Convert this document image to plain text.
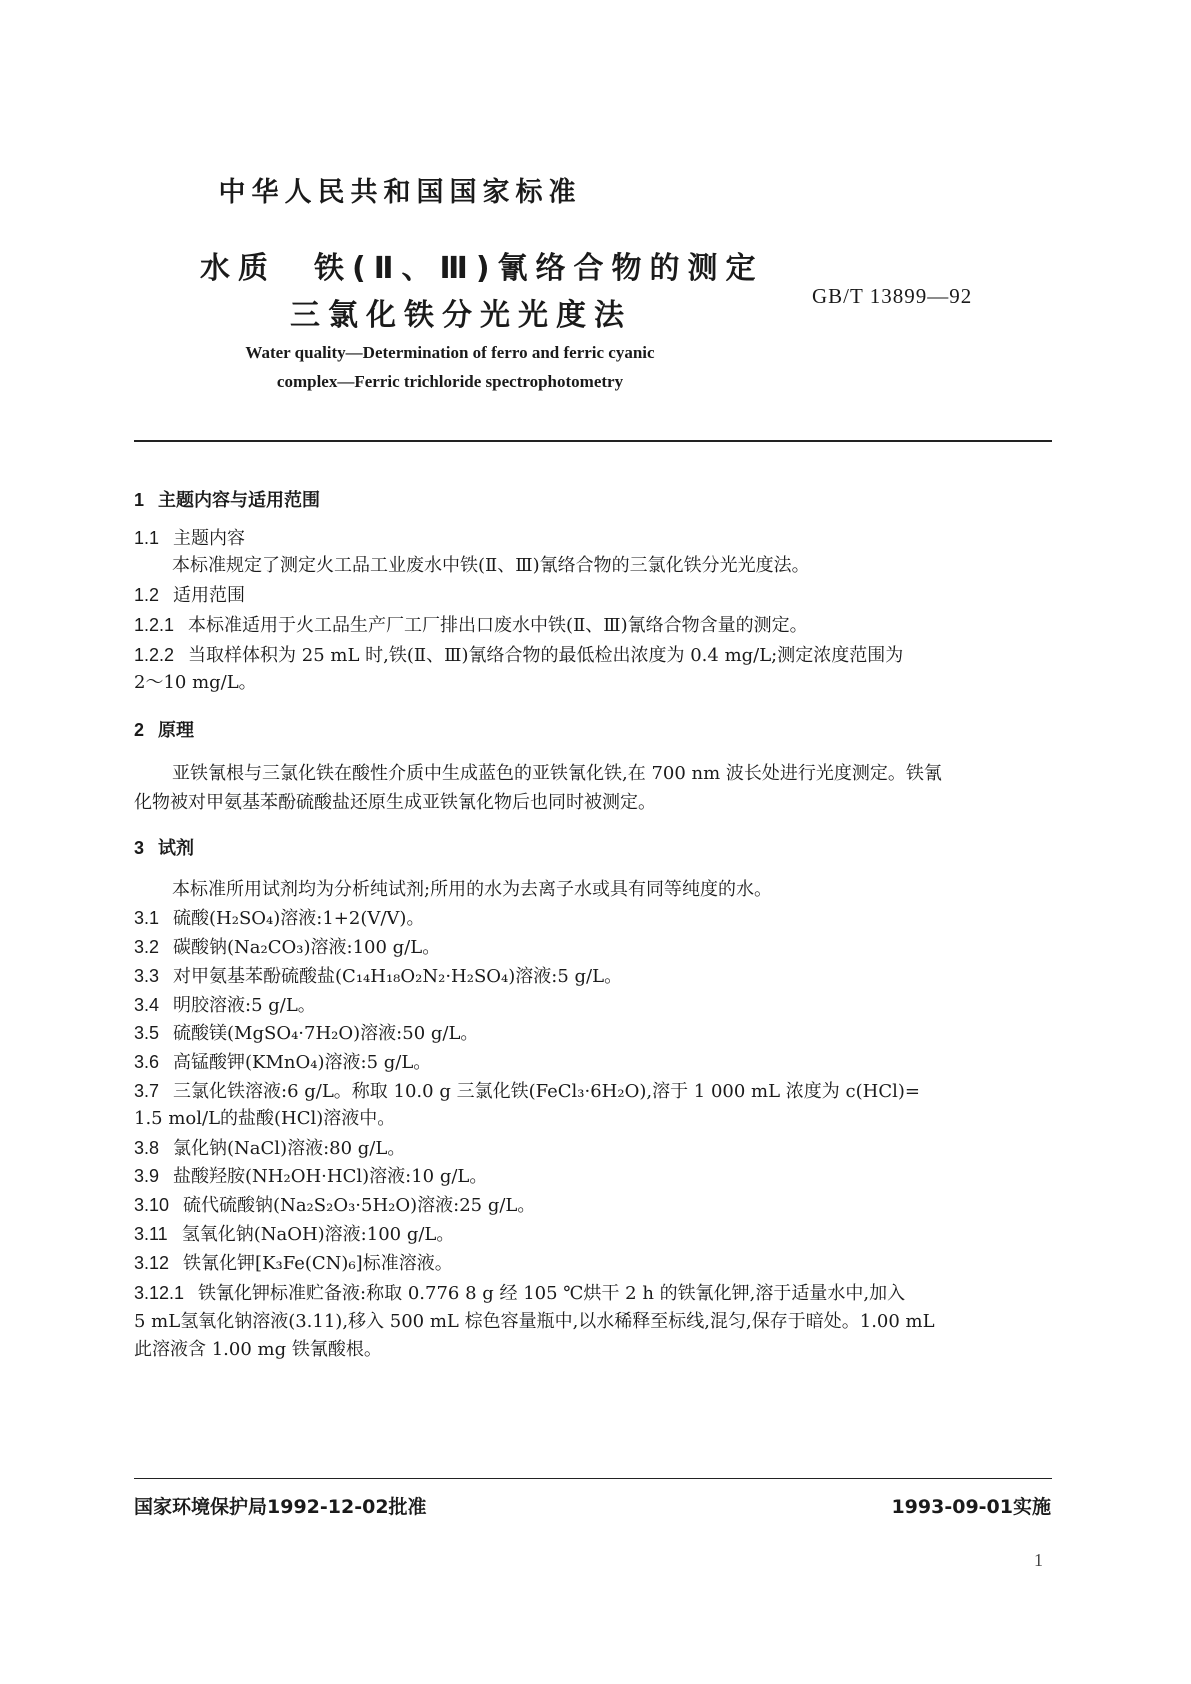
中华人民共和国国家标准
水质　铁(Ⅱ、Ⅲ)氰络合物的测定
三氯化铁分光光度法
GB/T 13899—92
Water quality—Determination of ferro and ferric cyanic
complex—Ferric trichloride spectrophotometry
1 主题内容与适用范围
1.1 主题内容
本标准规定了测定火工品工业废水中铁(Ⅱ、Ⅲ)氰络合物的三氯化铁分光光度法。
1.2 适用范围
1.2.1 本标准适用于火工品生产厂工厂排出口废水中铁(Ⅱ、Ⅲ)氰络合物含量的测定。
1.2.2 当取样体积为 25 mL 时,铁(Ⅱ、Ⅲ)氰络合物的最低检出浓度为 0.4 mg/L;测定浓度范围为
2～10 mg/L。
2 原理
亚铁氰根与三氯化铁在酸性介质中生成蓝色的亚铁氰化铁,在 700 nm 波长处进行光度测定。铁氰
化物被对甲氨基苯酚硫酸盐还原生成亚铁氰化物后也同时被测定。
3 试剂
本标准所用试剂均为分析纯试剂;所用的水为去离子水或具有同等纯度的水。
3.1 硫酸(H₂SO₄)溶液:1+2(V/V)。
3.2 碳酸钠(Na₂CO₃)溶液:100 g/L。
3.3 对甲氨基苯酚硫酸盐(C₁₄H₁₈O₂N₂·H₂SO₄)溶液:5 g/L。
3.4 明胶溶液:5 g/L。
3.5 硫酸镁(MgSO₄·7H₂O)溶液:50 g/L。
3.6 高锰酸钾(KMnO₄)溶液:5 g/L。
3.7 三氯化铁溶液:6 g/L。称取 10.0 g 三氯化铁(FeCl₃·6H₂O),溶于 1 000 mL 浓度为 c(HCl)=
1.5 mol/L的盐酸(HCl)溶液中。
3.8 氯化钠(NaCl)溶液:80 g/L。
3.9 盐酸羟胺(NH₂OH·HCl)溶液:10 g/L。
3.10 硫代硫酸钠(Na₂S₂O₃·5H₂O)溶液:25 g/L。
3.11 氢氧化钠(NaOH)溶液:100 g/L。
3.12 铁氰化钾[K₃Fe(CN)₆]标准溶液。
3.12.1 铁氰化钾标准贮备液:称取 0.776 8 g 经 105 ℃烘干 2 h 的铁氰化钾,溶于适量水中,加入
5 mL氢氧化钠溶液(3.11),移入 500 mL 棕色容量瓶中,以水稀释至标线,混匀,保存于暗处。1.00 mL
此溶液含 1.00 mg 铁氰酸根。
国家环境保护局1992-12-02批准	1993-09-01实施
1
